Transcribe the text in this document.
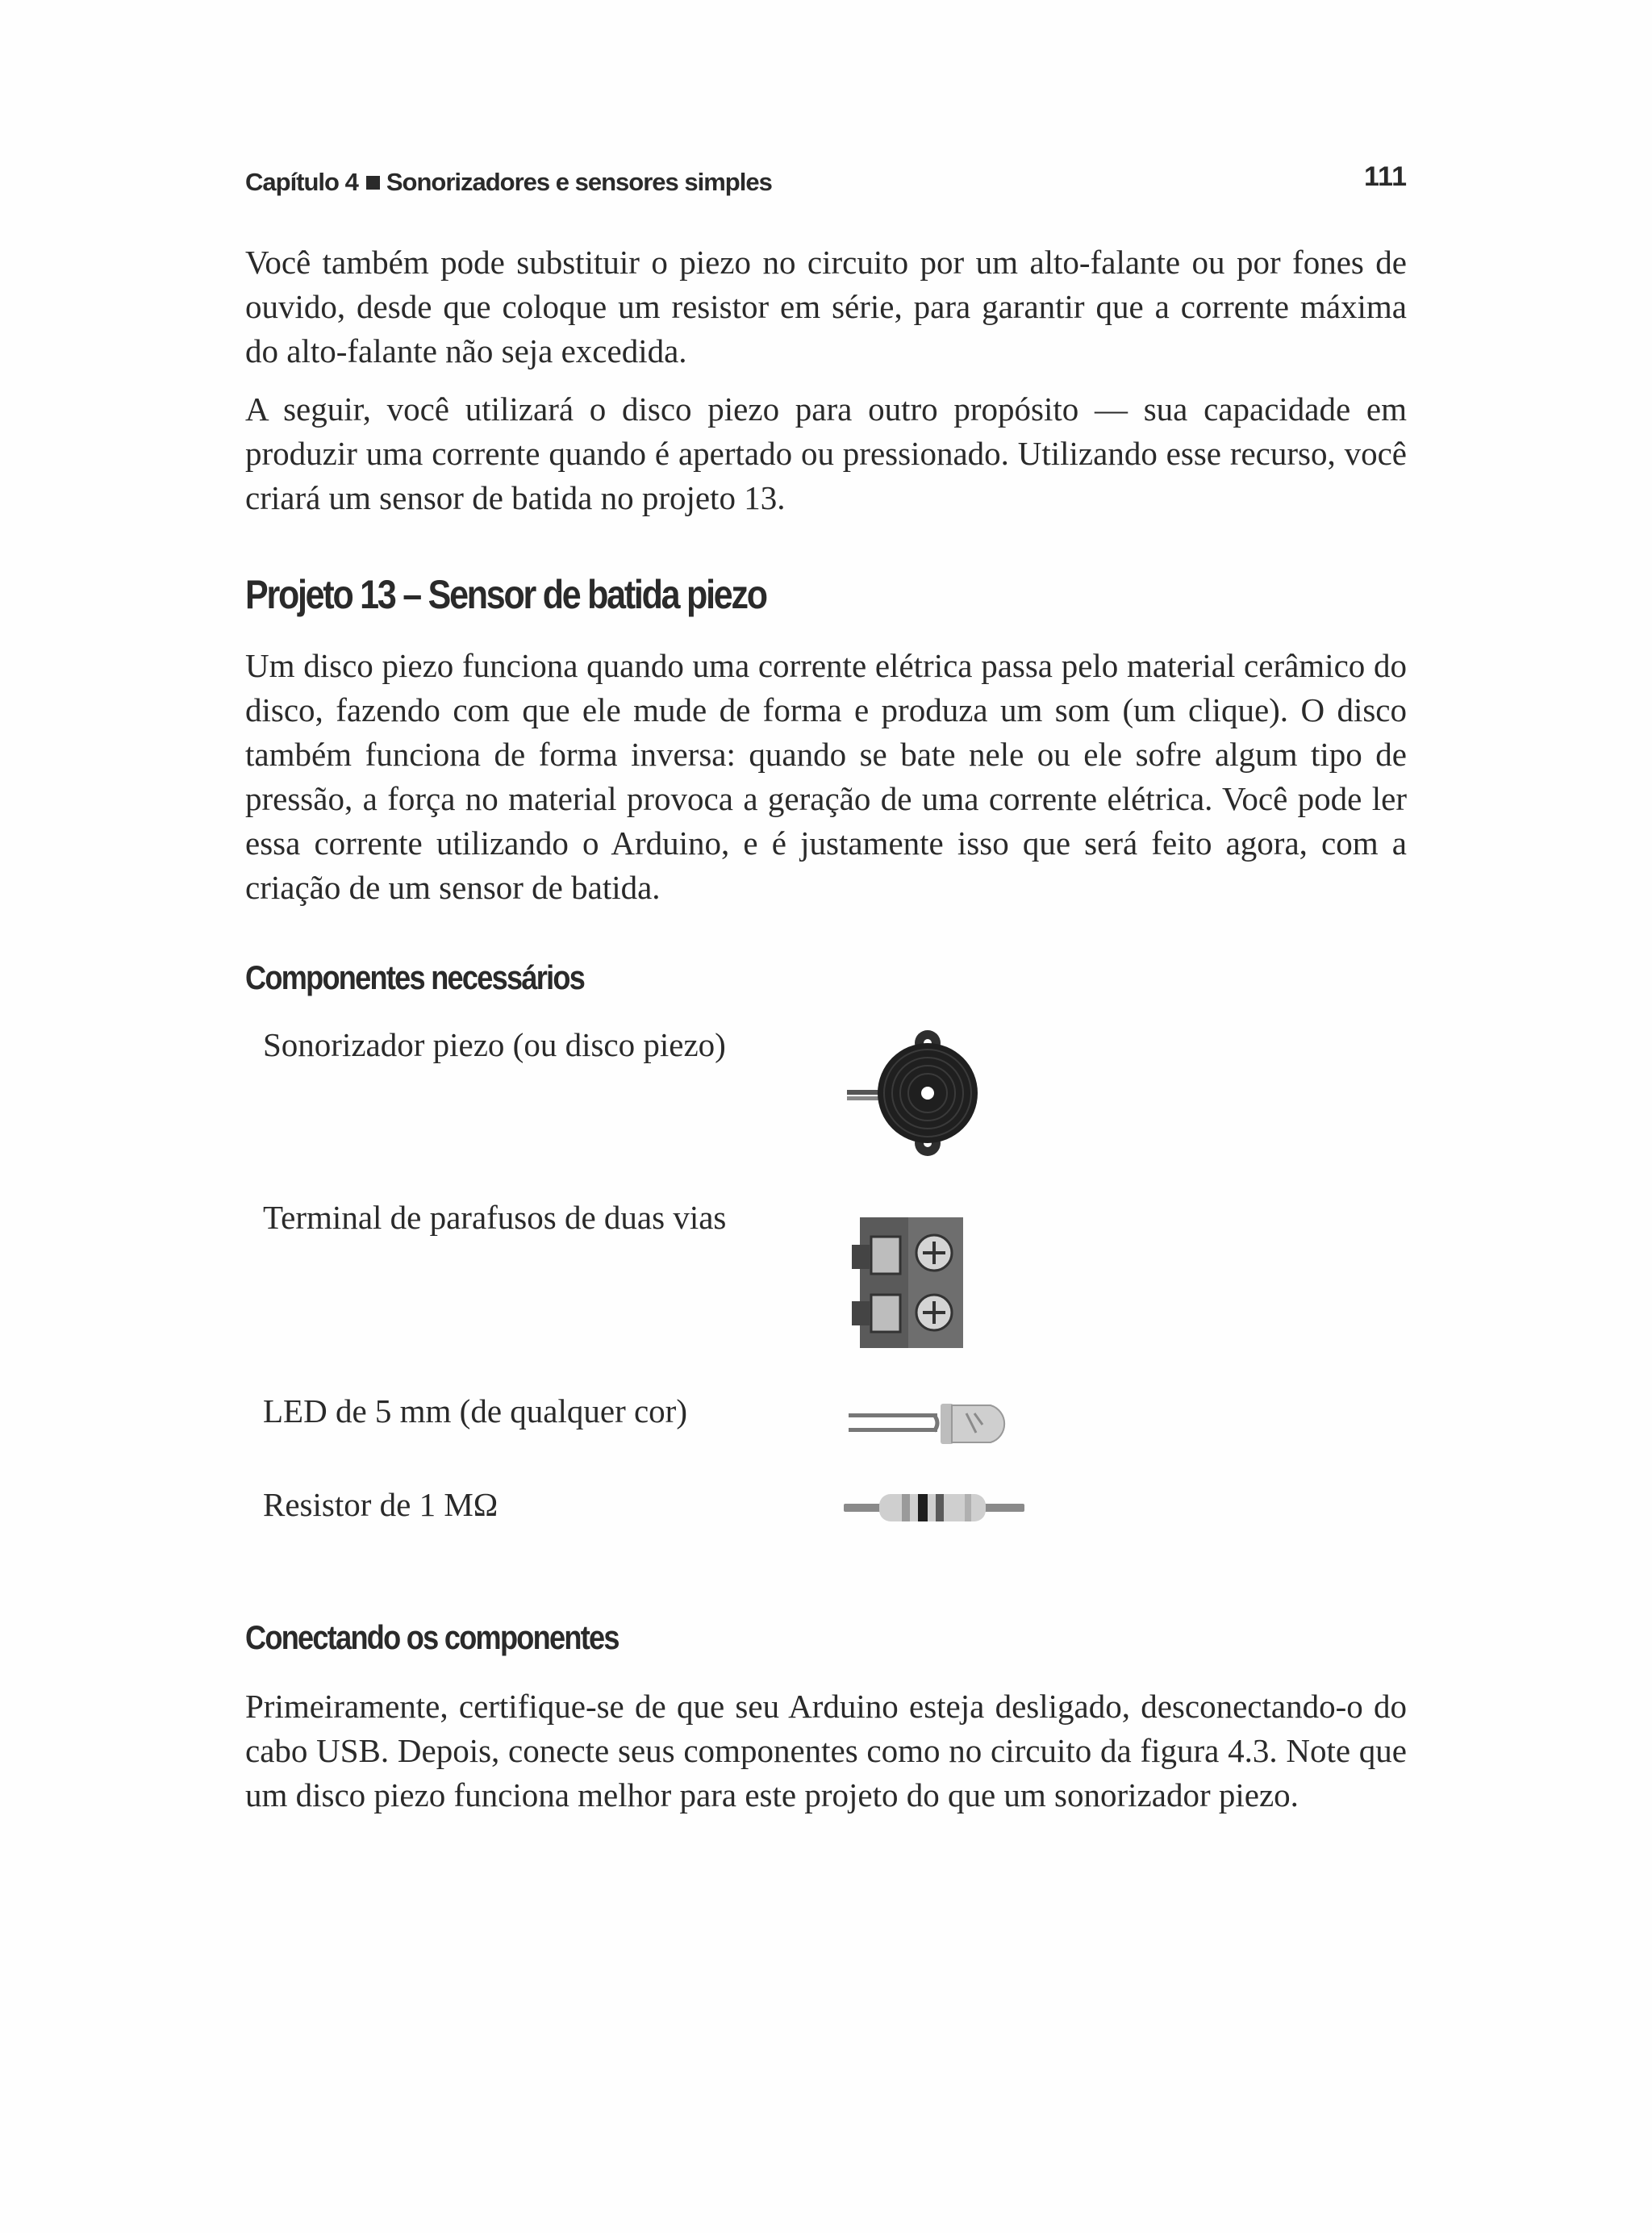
Capítulo 4 Sonorizadores e sensores simples	111

Você também pode substituir o piezo no circuito por um alto-falante ou por fones de ouvido, desde que coloque um resistor em série, para garantir que a corrente máxima do alto-falante não seja excedida.

A seguir, você utilizará o disco piezo para outro propósito — sua capacidade em produzir uma corrente quando é apertado ou pressionado. Utilizando esse recurso, você criará um sensor de batida no projeto 13.

Projeto 13 – Sensor de batida piezo

Um disco piezo funciona quando uma corrente elétrica passa pelo material cerâmico do disco, fazendo com que ele mude de forma e produza um som (um clique). O disco também funciona de forma inversa: quando se bate nele ou ele sofre algum tipo de pressão, a força no material provoca a geração de uma corrente elétrica. Você pode ler essa corrente utilizando o Arduino, e é justamente isso que será feito agora, com a criação de um sensor de batida.

Componentes necessários
Sonorizador piezo (ou disco piezo)
Terminal de parafusos de duas vias
LED de 5 mm (de qualquer cor)
Resistor de 1 MΩ
Conectando os componentes

Primeiramente, certifique-se de que seu Arduino esteja desligado, desconectando-o do cabo USB. Depois, conecte seus componentes como no circuito da figura 4.3. Note que um disco piezo funciona melhor para este projeto do que um sonorizador piezo.
